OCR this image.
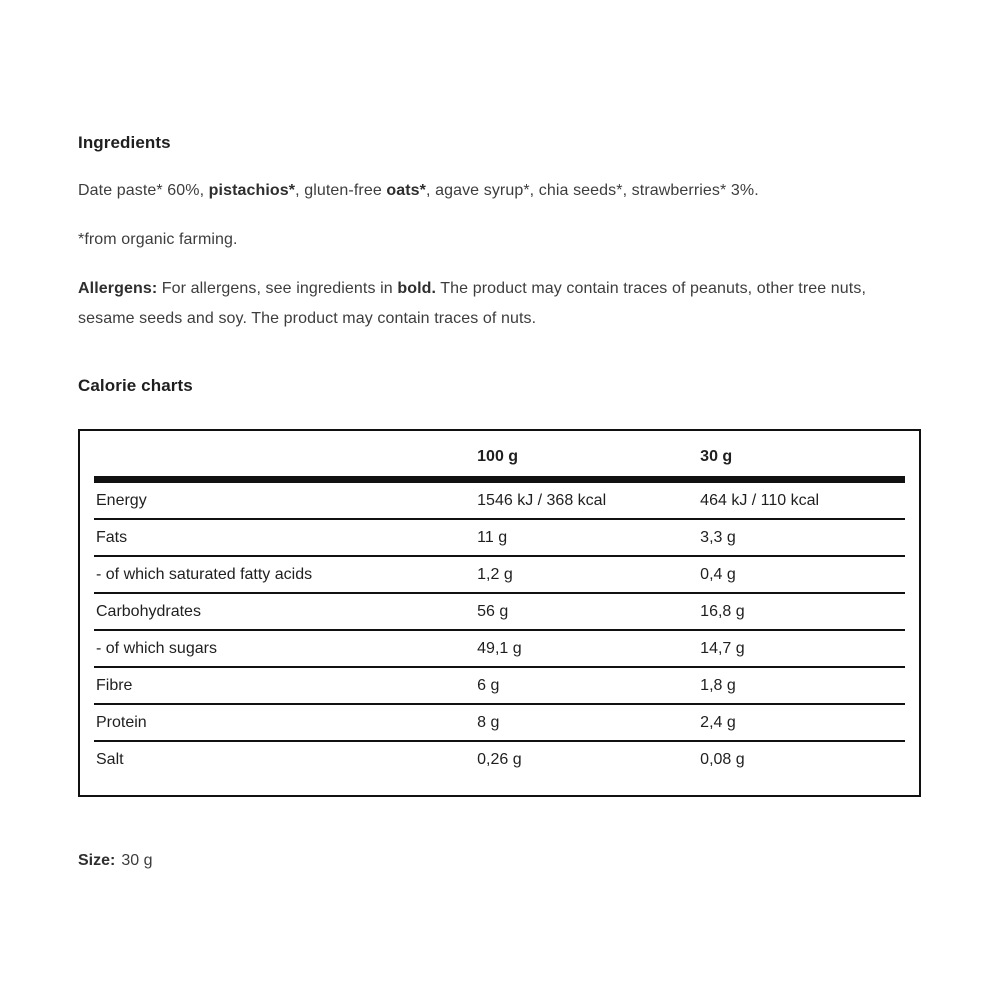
Ingredients

Date paste* 60%, pistachios*, gluten-free oats*, agave syrup*, chia seeds*, strawberries* 3%.

*from organic farming.

Allergens: For allergens, see ingredients in bold. The product may contain traces of peanuts, other tree nuts, sesame seeds and soy. The product may contain traces of nuts.

Calorie charts
	100 g	30 g
Energy	1546 kJ / 368 kcal	464 kJ / 110 kcal
Fats	11 g	3,3 g
- of which saturated fatty acids	1,2 g	0,4 g
Carbohydrates	56 g	16,8 g
- of which sugars	49,1 g	14,7 g
Fibre	6 g	1,8 g
Protein	8 g	2,4 g
Salt	0,26 g	0,08 g

Size: 30 g
